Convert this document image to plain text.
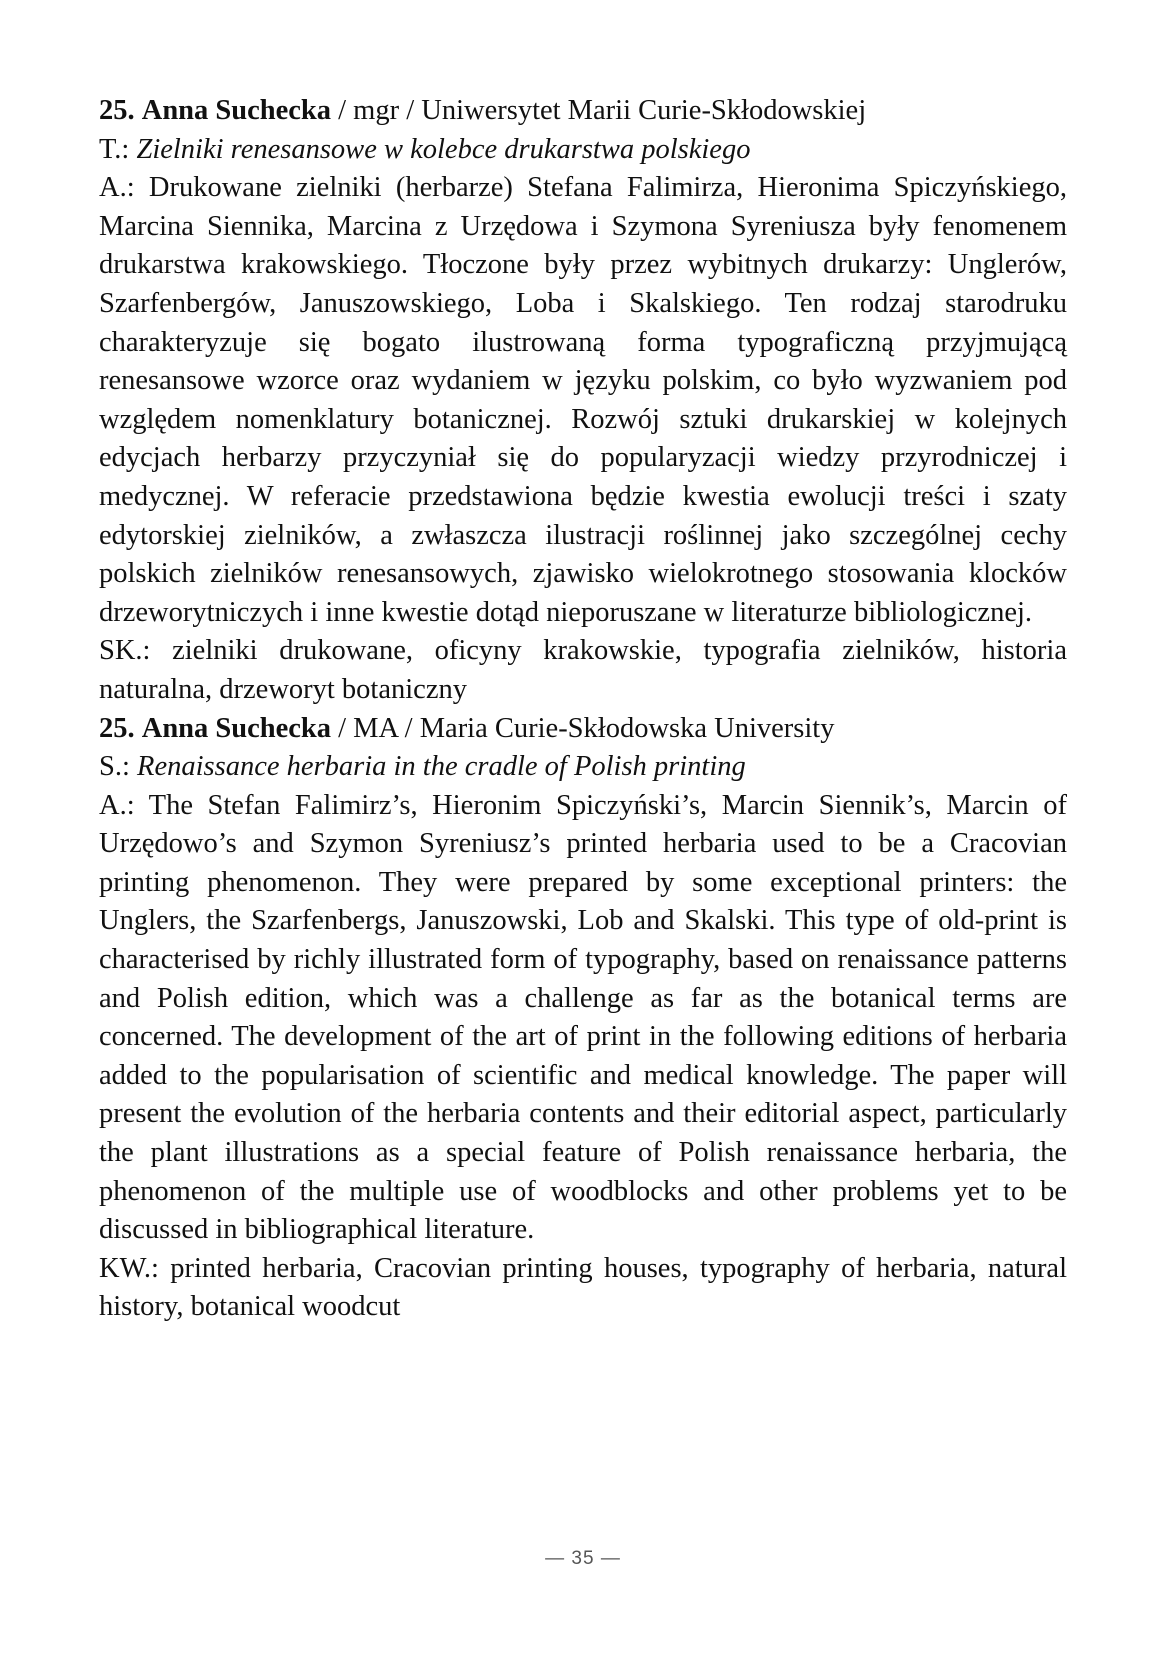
25. Anna Suchecka / mgr / Uniwersytet Marii Curie-Skłodowskiej

T.: Zielniki renesansowe w kolebce drukarstwa polskiego

A.: Drukowane zielniki (herbarze) Stefana Falimirza, Hieronima Spiczyńskiego, Marcina Siennika, Marcina z Urzędowa i Szymona Syreniusza były fenomenem drukarstwa krakowskiego. Tłoczone były przez wybitnych drukarzy: Unglerów, Szarfenbergów, Januszowskiego, Loba i Skalskiego. Ten rodzaj starodruku charakteryzuje się bogato ilustrowaną forma typograficzną przyjmującą renesansowe wzorce oraz wydaniem w języku polskim, co było wyzwaniem pod względem nomenklatury botanicznej. Rozwój sztuki drukarskiej w kolejnych edycjach herbarzy przyczyniał się do popularyzacji wiedzy przyrodniczej i medycznej. W referacie przedstawiona będzie kwestia ewolucji treści i szaty edytorskiej zielników, a zwłaszcza ilustracji roślinnej jako szczególnej cechy polskich zielników renesansowych, zjawisko wielokrotnego stosowania klocków drzeworytniczych i inne kwestie dotąd nieporuszane w literaturze bibliologicznej.

SK.: zielniki drukowane, oficyny krakowskie, typografia zielników, historia naturalna, drzeworyt botaniczny

25. Anna Suchecka / MA / Maria Curie-Skłodowska University

S.: Renaissance herbaria in the cradle of Polish printing

A.: The Stefan Falimirz’s, Hieronim Spiczyński’s, Marcin Siennik’s, Marcin of Urzędowo’s and Szymon Syreniusz’s printed herbaria used to be a Cracovian printing phenomenon. They were prepared by some exceptional printers: the Unglers, the Szarfenbergs, Januszowski, Lob and Skalski. This type of old-print is characterised by richly illustrated form of typography, based on renaissance patterns and Polish edition, which was a challenge as far as the botanical terms are concerned. The development of the art of print in the following editions of herbaria added to the popularisation of scientific and medical knowledge. The paper will present the evolution of the herbaria contents and their editorial aspect, particularly the plant illustrations as a special feature of Polish renaissance herbaria, the phenomenon of the multiple use of woodblocks and other problems yet to be discussed in bibliographical literature.

KW.: printed herbaria, Cracovian printing houses, typography of herbaria, natural history, botanical woodcut

— 35 —
